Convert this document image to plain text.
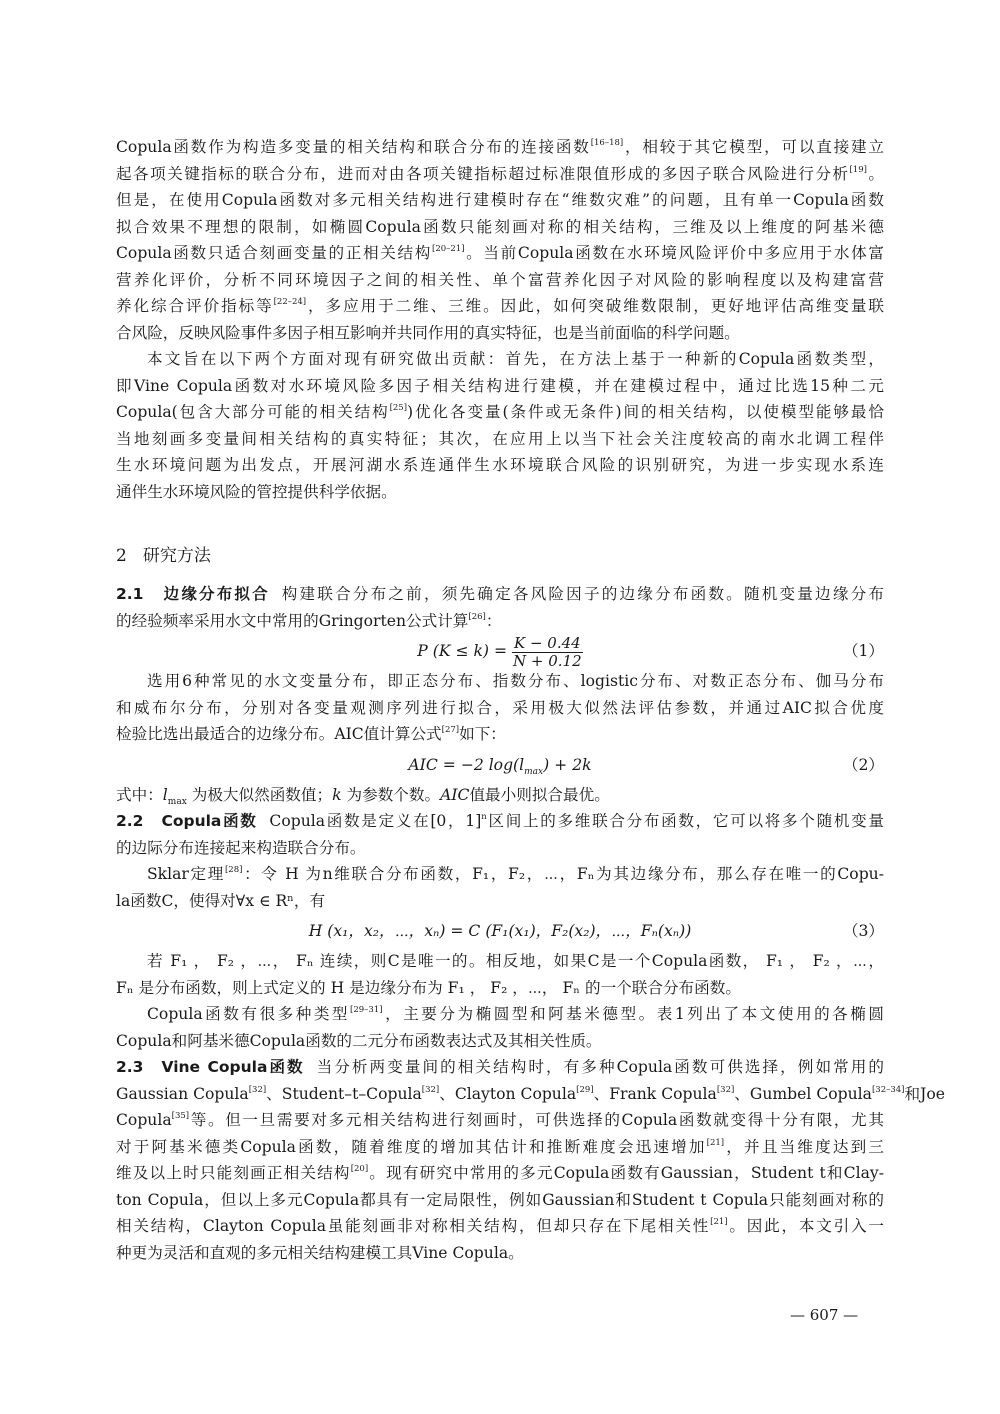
Copula函数作为构造多变量的相关结构和联合分布的连接函数[16–18]，相较于其它模型，可以直接建立
起各项关键指标的联合分布，进而对由各项关键指标超过标准限值形成的多因子联合风险进行分析[19]。
但是，在使用Copula函数对多元相关结构进行建模时存在“维数灾难”的问题，且有单一Copula函数
拟合效果不理想的限制，如椭圆Copula函数只能刻画对称的相关结构，三维及以上维度的阿基米德
Copula函数只适合刻画变量的正相关结构[20–21]。当前Copula函数在水环境风险评价中多应用于水体富
营养化评价，分析不同环境因子之间的相关性、单个富营养化因子对风险的影响程度以及构建富营
养化综合评价指标等[22–24]，多应用于二维、三维。因此，如何突破维数限制，更好地评估高维变量联
合风险，反映风险事件多因子相互影响并共同作用的真实特征，也是当前面临的科学问题。
本文旨在以下两个方面对现有研究做出贡献：首先，在方法上基于一种新的Copula函数类型，
即Vine Copula函数对水环境风险多因子相关结构进行建模，并在建模过程中，通过比选15种二元
Copula(包含大部分可能的相关结构[25])优化各变量(条件或无条件)间的相关结构，以使模型能够最恰
当地刻画多变量间相关结构的真实特征；其次，在应用上以当下社会关注度较高的南水北调工程伴
生水环境问题为出发点，开展河湖水系连通伴生水环境联合风险的识别研究，为进一步实现水系连
通伴生水环境风险的管控提供科学依据。
2 研究方法
2.1 边缘分布拟合 构建联合分布之前，须先确定各风险因子的边缘分布函数。随机变量边缘分布
的经验频率采用水文中常用的Gringorten公式计算[26]：
P $(K \le k) = \frac{K - 0.44}{N + 0.12}$	（1）
选用6种常见的水文变量分布，即正态分布、指数分布、logistic分布、对数正态分布、伽马分布
和威布尔分布，分别对各变量观测序列进行拟合，采用极大似然法评估参数，并通过AIC拟合优度
检验比选出最适合的边缘分布。AIC值计算公式[27]如下：
AIC = −2 $\log(l_{max}) + 2k$	（2）
式中：$l_{max}$ 为极大似然函数值；k 为参数个数。AIC值最小则拟合最优。
2.2 Copula函数 Copula函数是定义在[0，1]$^n$区间上的多维联合分布函数，它可以将多个随机变量
的边际分布连接起来构造联合分布。
Sklar定理[28]：令 H 为n维联合分布函数，F₁，F₂，⋯，Fₙ为其边缘分布，那么存在唯一的Copu-
la函数C，使得对∀x ∈ Rⁿ，有
H (x₁，x₂，⋯，xₙ) = C (F₁(x₁)，F₂(x₂)，⋯，Fₙ(xₙ))	（3）
若 F₁ ， F₂ ，⋯， Fₙ 连续，则C是唯一的。相反地，如果C是一个Copula函数， F₁ ， F₂ ，⋯，
Fₙ 是分布函数，则上式定义的 H 是边缘分布为 F₁ ， F₂ ，⋯， Fₙ 的一个联合分布函数。
Copula函数有很多种类型[29–31]，主要分为椭圆型和阿基米德型。表1列出了本文使用的各椭圆
Copula和阿基米德Copula函数的二元分布函数表达式及其相关性质。
2.3 Vine Copula函数 当分析两变量间的相关结构时，有多种Copula函数可供选择，例如常用的
Gaussian Copula[32]、Student–t–Copula[32]、Clayton Copula[29]、Frank Copula[32]、Gumbel Copula[32–34]和Joe
Copula[35]等。但一旦需要对多元相关结构进行刻画时，可供选择的Copula函数就变得十分有限，尤其
对于阿基米德类Copula函数，随着维度的增加其估计和推断难度会迅速增加[21]，并且当维度达到三
维及以上时只能刻画正相关结构[20]。现有研究中常用的多元Copula函数有Gaussian，Student t和Clay-
ton Copula，但以上多元Copula都具有一定局限性，例如Gaussian和Student t Copula只能刻画对称的
相关结构，Clayton Copula虽能刻画非对称相关结构，但却只存在下尾相关性[21]。因此，本文引入一
种更为灵活和直观的多元相关结构建模工具Vine Copula。
— 607 —
